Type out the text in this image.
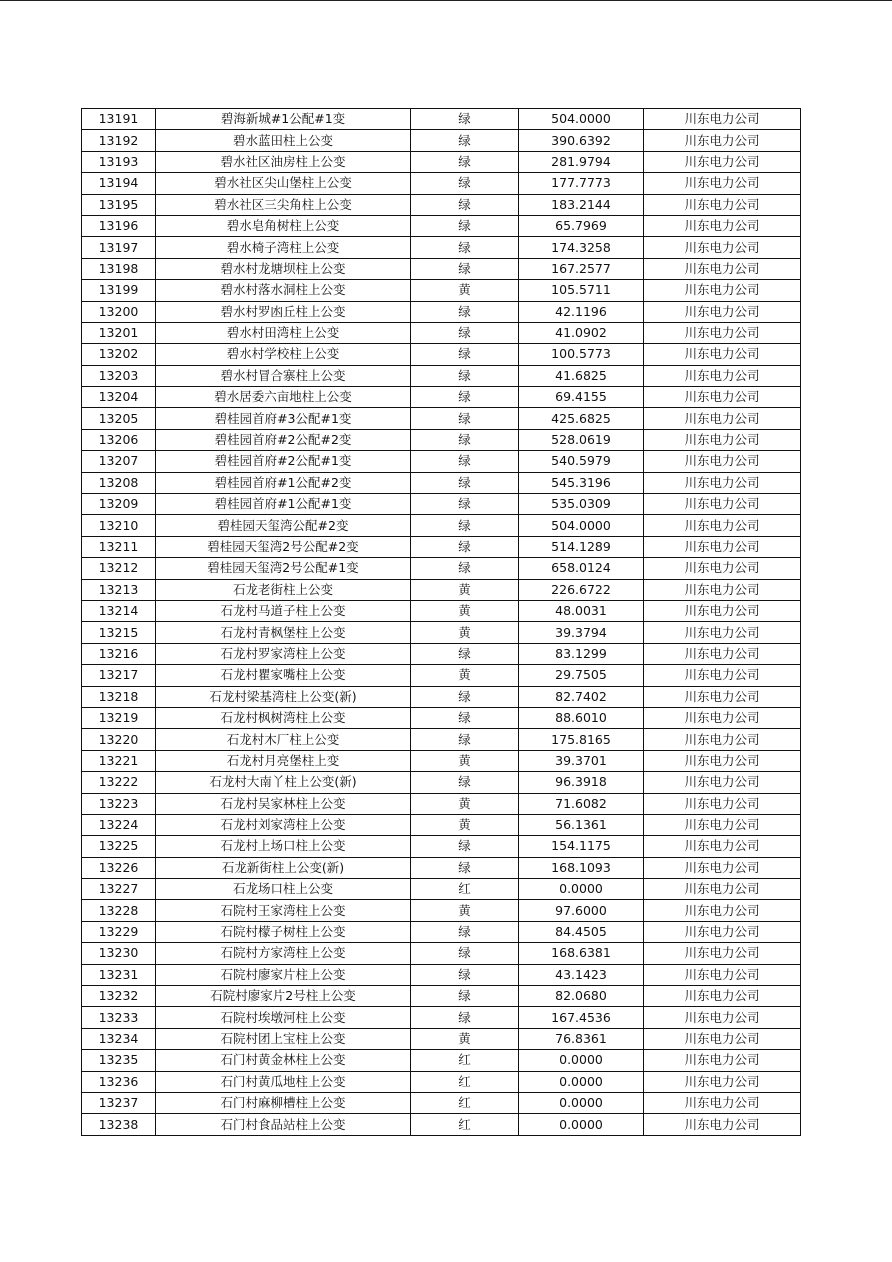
13191	碧海新城#1公配#1变	绿	504.0000	川东电力公司
13192	碧水蓝田柱上公变	绿	390.6392	川东电力公司
13193	碧水社区油房柱上公变	绿	281.9794	川东电力公司
13194	碧水社区尖山堡柱上公变	绿	177.7773	川东电力公司
13195	碧水社区三尖角柱上公变	绿	183.2144	川东电力公司
13196	碧水皂角树柱上公变	绿	65.7969	川东电力公司
13197	碧水椅子湾柱上公变	绿	174.3258	川东电力公司
13198	碧水村龙塘坝柱上公变	绿	167.2577	川东电力公司
13199	碧水村落水洞柱上公变	黄	105.5711	川东电力公司
13200	碧水村罗凼丘柱上公变	绿	42.1196	川东电力公司
13201	碧水村田湾柱上公变	绿	41.0902	川东电力公司
13202	碧水村学校柱上公变	绿	100.5773	川东电力公司
13203	碧水村冒合寨柱上公变	绿	41.6825	川东电力公司
13204	碧水居委六亩地柱上公变	绿	69.4155	川东电力公司
13205	碧桂园首府#3公配#1变	绿	425.6825	川东电力公司
13206	碧桂园首府#2公配#2变	绿	528.0619	川东电力公司
13207	碧桂园首府#2公配#1变	绿	540.5979	川东电力公司
13208	碧桂园首府#1公配#2变	绿	545.3196	川东电力公司
13209	碧桂园首府#1公配#1变	绿	535.0309	川东电力公司
13210	碧桂园天玺湾公配#2变	绿	504.0000	川东电力公司
13211	碧桂园天玺湾2号公配#2变	绿	514.1289	川东电力公司
13212	碧桂园天玺湾2号公配#1变	绿	658.0124	川东电力公司
13213	石龙老街柱上公变	黄	226.6722	川东电力公司
13214	石龙村马道子柱上公变	黄	48.0031	川东电力公司
13215	石龙村青枫堡柱上公变	黄	39.3794	川东电力公司
13216	石龙村罗家湾柱上公变	绿	83.1299	川东电力公司
13217	石龙村瞿家嘴柱上公变	黄	29.7505	川东电力公司
13218	石龙村梁基湾柱上公变(新)	绿	82.7402	川东电力公司
13219	石龙村枫树湾柱上公变	绿	88.6010	川东电力公司
13220	石龙村木厂柱上公变	绿	175.8165	川东电力公司
13221	石龙村月亮堡柱上变	黄	39.3701	川东电力公司
13222	石龙村大南丫柱上公变(新)	绿	96.3918	川东电力公司
13223	石龙村吴家林柱上公变	黄	71.6082	川东电力公司
13224	石龙村刘家湾柱上公变	黄	56.1361	川东电力公司
13225	石龙村上场口柱上公变	绿	154.1175	川东电力公司
13226	石龙新街柱上公变(新)	绿	168.1093	川东电力公司
13227	石龙场口柱上公变	红	0.0000	川东电力公司
13228	石院村王家湾柱上公变	黄	97.6000	川东电力公司
13229	石院村檬子树柱上公变	绿	84.4505	川东电力公司
13230	石院村方家湾柱上公变	绿	168.6381	川东电力公司
13231	石院村廖家片柱上公变	绿	43.1423	川东电力公司
13232	石院村廖家片2号柱上公变	绿	82.0680	川东电力公司
13233	石院村埃墩河柱上公变	绿	167.4536	川东电力公司
13234	石院村团上宝柱上公变	黄	76.8361	川东电力公司
13235	石门村黄金林柱上公变	红	0.0000	川东电力公司
13236	石门村黄瓜地柱上公变	红	0.0000	川东电力公司
13237	石门村麻柳槽柱上公变	红	0.0000	川东电力公司
13238	石门村食品站柱上公变	红	0.0000	川东电力公司
